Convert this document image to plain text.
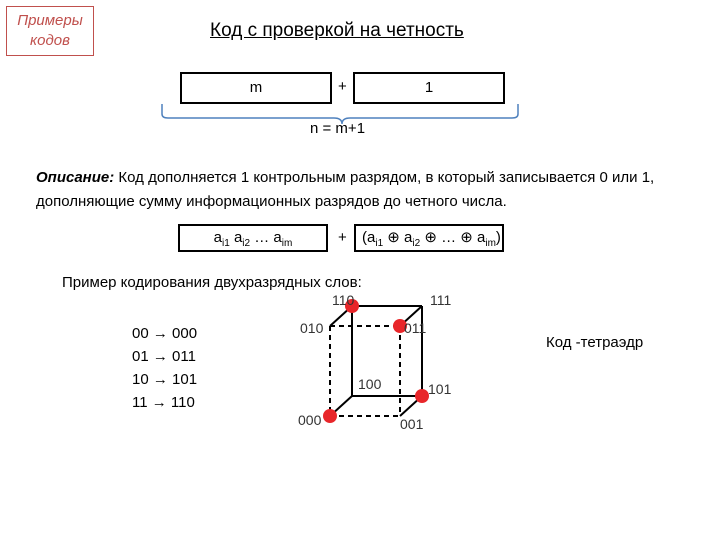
Примеры кодов	Код с проверкой на четность
m	+	1
n = m+1
Описание: Код дополняется 1 контрольным разрядом, в который записывается 0 или 1, дополняющие сумму информационных разрядов до четного числа.
$a_{i1}$ $a_{i2}$ … $a_{im}$	+	($a_{i1}$ ⊕ $a_{i2}$ ⊕ … ⊕ $a_{im}$)
Пример кодирования двухразрядных слов:
00 → 000
01 → 011
10 → 101
11 → 110
110	111
010	011
100	101
000	001
Код -тетраэдр
